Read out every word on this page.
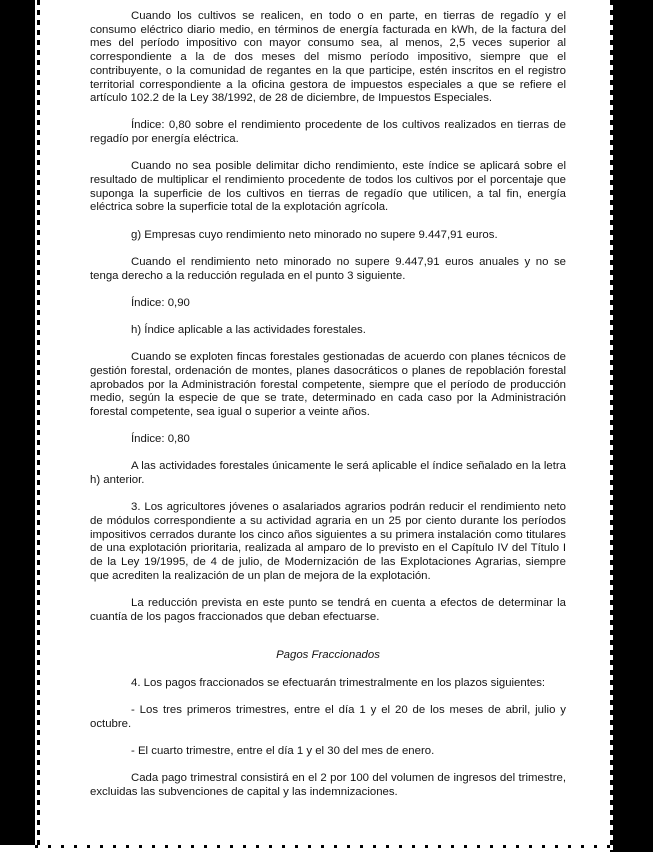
Cuando los cultivos se realicen, en todo o en parte, en tierras de regadío y el consumo eléctrico diario medio, en términos de energía facturada en kWh, de la factura del mes del período impositivo con mayor consumo sea, al menos, 2,5 veces superior al correspondiente a la de dos meses del mismo período impositivo, siempre que el contribuyente, o la comunidad de regantes en la que participe, estén inscritos en el registro territorial correspondiente a la oficina gestora de impuestos especiales a que se refiere el artículo 102.2 de la Ley 38/1992, de 28 de diciembre, de Impuestos Especiales.

Índice: 0,80 sobre el rendimiento procedente de los cultivos realizados en tierras de regadío por energía eléctrica.

Cuando no sea posible delimitar dicho rendimiento, este índice se aplicará sobre el resultado de multiplicar el rendimiento procedente de todos los cultivos por el porcentaje que suponga la superficie de los cultivos en tierras de regadío que utilicen, a tal fin, energía eléctrica sobre la superficie total de la explotación agrícola.

g) Empresas cuyo rendimiento neto minorado no supere 9.447,91 euros.

Cuando el rendimiento neto minorado no supere 9.447,91 euros anuales y no se tenga derecho a la reducción regulada en el punto 3 siguiente.

Índice: 0,90

h) Índice aplicable a las actividades forestales.

Cuando se exploten fincas forestales gestionadas de acuerdo con planes técnicos de gestión forestal, ordenación de montes, planes dasocráticos o planes de repoblación forestal aprobados por la Administración forestal competente, siempre que el período de producción medio, según la especie de que se trate, determinado en cada caso por la Administración forestal competente, sea igual o superior a veinte años.

Índice: 0,80

A las actividades forestales únicamente le será aplicable el índice señalado en la letra h) anterior.

3. Los agricultores jóvenes o asalariados agrarios podrán reducir el rendimiento neto de módulos correspondiente a su actividad agraria en un 25 por ciento durante los períodos impositivos cerrados durante los cinco años siguientes a su primera instalación como titulares de una explotación prioritaria, realizada al amparo de lo previsto en el Capítulo IV del Título I de la Ley 19/1995, de 4 de julio, de Modernización de las Explotaciones Agrarias, siempre que acrediten la realización de un plan de mejora de la explotación.

La reducción prevista en este punto se tendrá en cuenta a efectos de determinar la cuantía de los pagos fraccionados que deban efectuarse.

Pagos Fraccionados

4. Los pagos fraccionados se efectuarán trimestralmente en los plazos siguientes:

- Los tres primeros trimestres, entre el día 1 y el 20 de los meses de abril, julio y octubre.

- El cuarto trimestre, entre el día 1 y el 30 del mes de enero.

Cada pago trimestral consistirá en el 2 por 100 del volumen de ingresos del trimestre, excluidas las subvenciones de capital y las indemnizaciones.
